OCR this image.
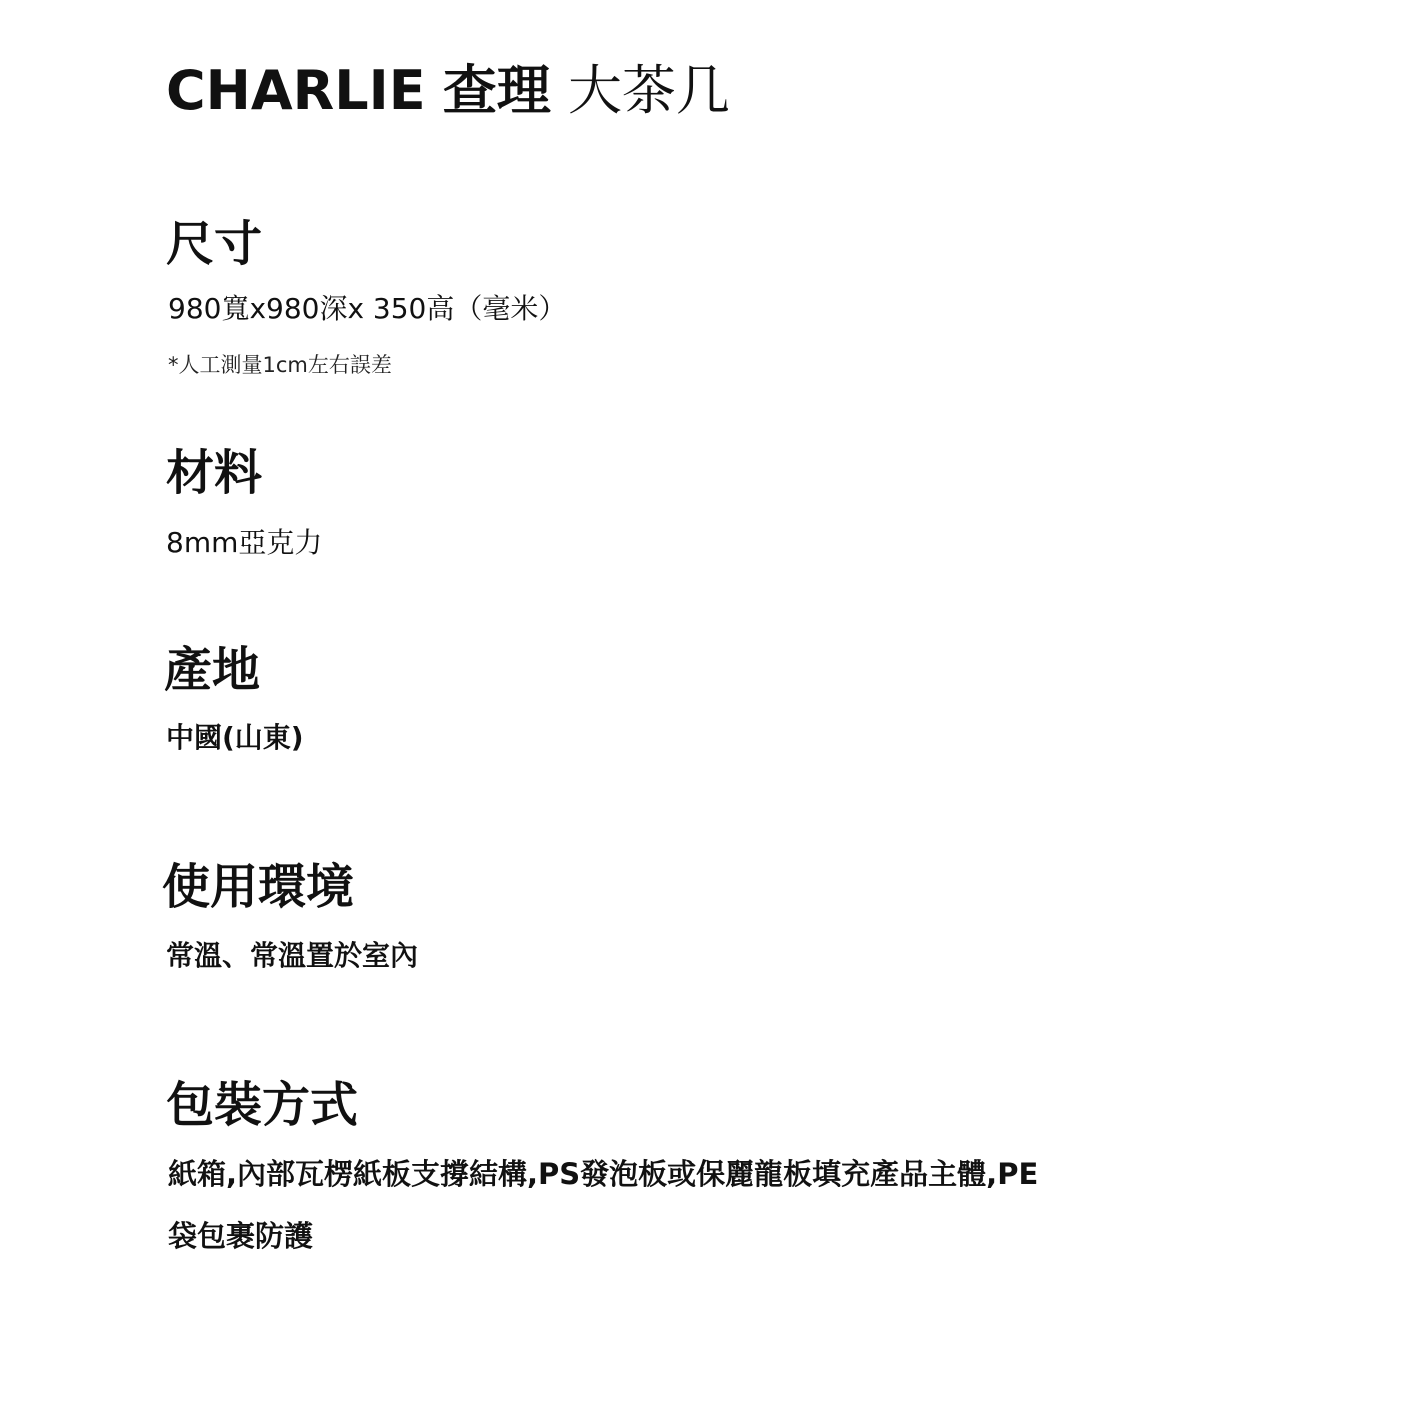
CHARLIE 查理 大茶几
尺寸
980寬x980深x 350高（毫米）
*人工測量1cm左右誤差
材料
8mm亞克力
產地
中國(山東)
使用環境
常溫、常溫置於室內
包裝方式
紙箱,內部瓦楞紙板支撐結構,PS發泡板或保麗龍板填充產品主體,PE
袋包裹防護
